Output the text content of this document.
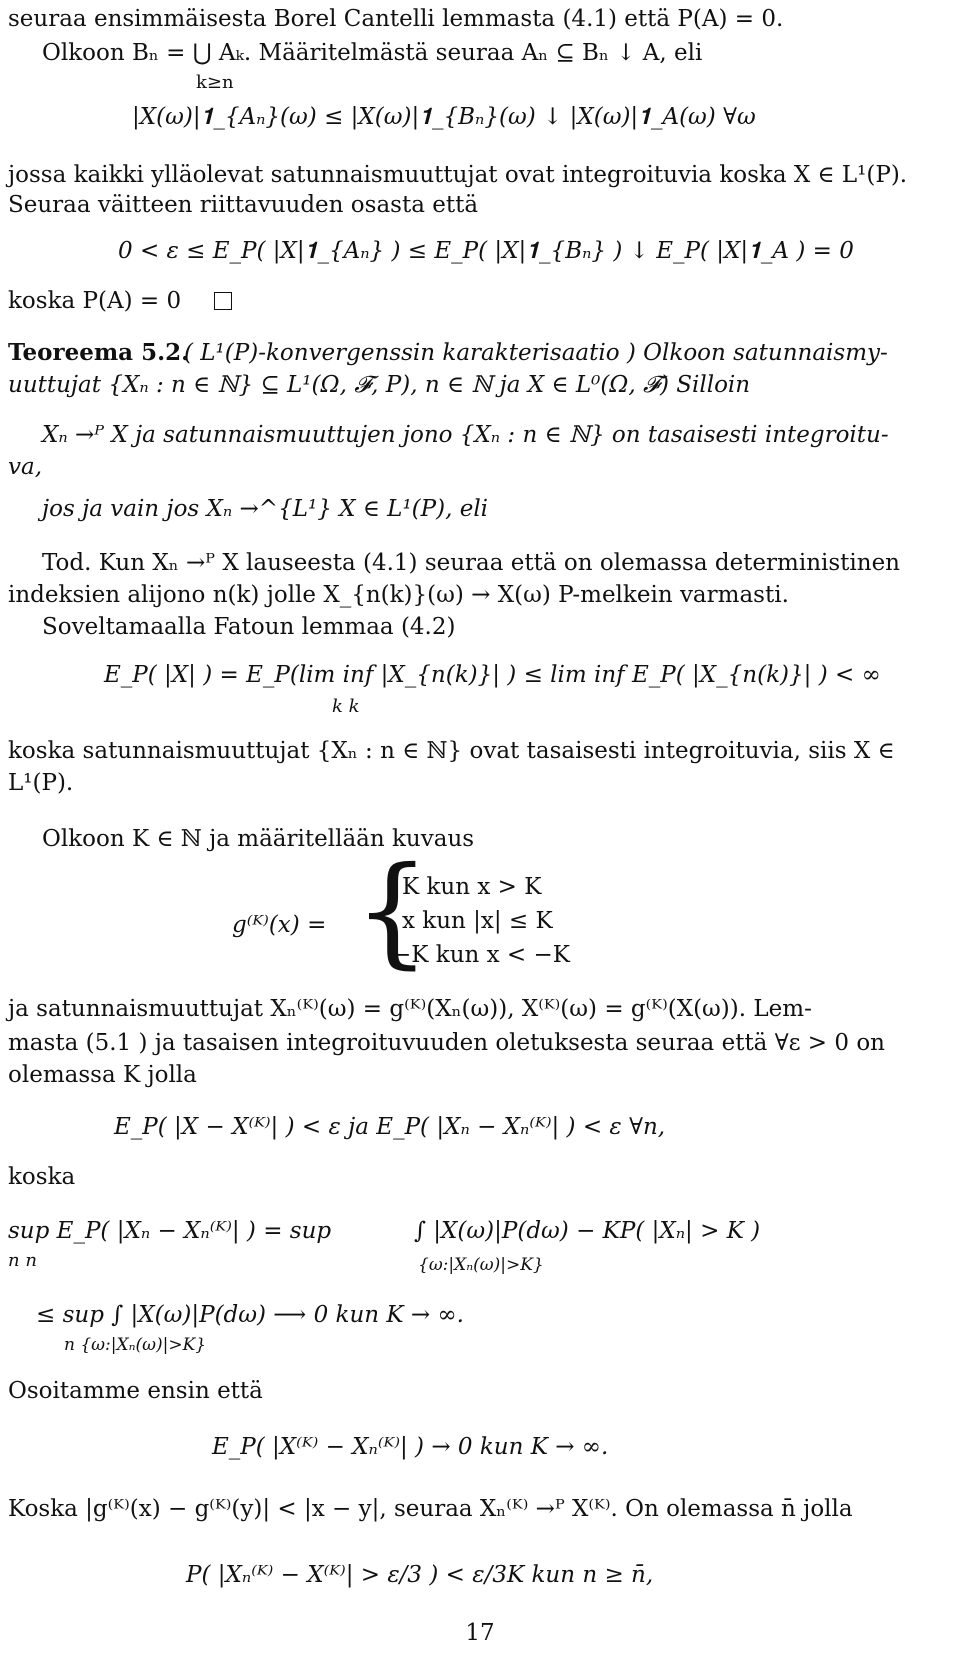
seuraa ensimmäisesta Borel Cantelli lemmasta (4.1) että P(A) = 0.
Olkoon Bₙ = ⋃ Aₖ. Määritelmästä seuraa Aₙ ⊆ Bₙ ↓ A, eli
k≥n
|X(ω)|𝟏_{Aₙ}(ω) ≤ |X(ω)|𝟏_{Bₙ}(ω) ↓ |X(ω)|𝟏_A(ω) ∀ω
jossa kaikki ylläolevat satunnaismuuttujat ovat integroituvia koska X ∈ L¹(P).
Seuraa väitteen riittavuuden osasta että
0 < ε ≤ E_P( |X|𝟏_{Aₙ} ) ≤ E_P( |X|𝟏_{Bₙ} ) ↓ E_P( |X|𝟏_A ) = 0
koska P(A) = 0
Teoreema 5.2.
( L¹(P)-konvergenssin karakterisaatio ) Olkoon satunnaismy-
uuttujat {Xₙ : n ∈ ℕ} ⊆ L¹(Ω, 𝓕, P), n ∈ ℕ ja X ∈ L⁰(Ω, 𝓕) Silloin
Xₙ →ᴾ X ja satunnaismuuttujen jono {Xₙ : n ∈ ℕ} on tasaisesti integroitu-
va,
jos ja vain jos Xₙ →^{L¹} X ∈ L¹(P), eli
Tod. Kun Xₙ →ᴾ X lauseesta (4.1) seuraa että on olemassa deterministinen
indeksien alijono n(k) jolle X_{n(k)}(ω) → X(ω) P-melkein varmasti.
Soveltamaalla Fatoun lemmaa (4.2)
E_P( |X| ) = E_P(lim inf |X_{n(k)}| ) ≤ lim inf E_P( |X_{n(k)}| ) < ∞
k k
koska satunnaismuuttujat {Xₙ : n ∈ ℕ} ovat tasaisesti integroituvia, siis X ∈
L¹(P).
Olkoon K ∈ ℕ ja määritellään kuvaus
g⁽ᴷ⁾(x) = {
K kun x > K
x kun |x| ≤ K
−K kun x < −K
ja satunnaismuuttujat Xₙ⁽ᴷ⁾(ω) = g⁽ᴷ⁾(Xₙ(ω)), X⁽ᴷ⁾(ω) = g⁽ᴷ⁾(X(ω)). Lem-
masta (5.1 ) ja tasaisen integroituvuuden oletuksesta seuraa että ∀ε > 0 on
olemassa K jolla
E_P( |X − X⁽ᴷ⁾| ) < ε ja E_P( |Xₙ − Xₙ⁽ᴷ⁾| ) < ε ∀n,
koska
sup E_P( |Xₙ − Xₙ⁽ᴷ⁾| ) = sup
n n
∫ |X(ω)|P(dω) − KP( |Xₙ| > K )
{ω:|Xₙ(ω)|>K}
≤ sup ∫ |X(ω)|P(dω) ⟶ 0 kun K → ∞.
n {ω:|Xₙ(ω)|>K}
Osoitamme ensin että
E_P( |X⁽ᴷ⁾ − Xₙ⁽ᴷ⁾| ) → 0 kun K → ∞.
Koska |g⁽ᴷ⁾(x) − g⁽ᴷ⁾(y)| < |x − y|, seuraa Xₙ⁽ᴷ⁾ →ᴾ X⁽ᴷ⁾. On olemassa n̄ jolla
P( |Xₙ⁽ᴷ⁾ − X⁽ᴷ⁾| > ε/3 ) < ε/3K kun n ≥ n̄,
17
